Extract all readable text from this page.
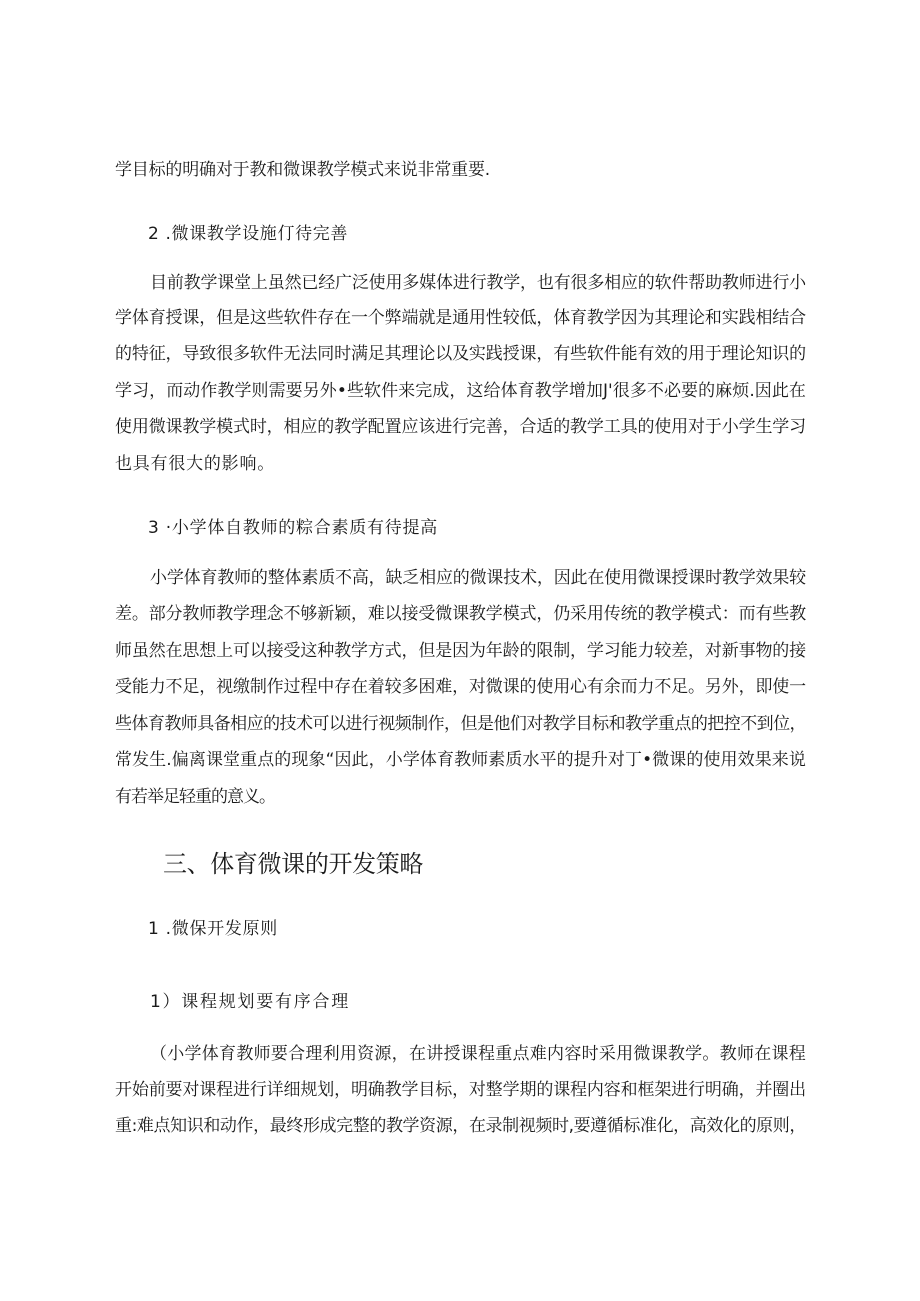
学目标的明确对于教和微课教学模式来说非常重要.
2 .微课教学设施仃待完善
目前教学课堂上虽然已经广泛使用多媒体进行教学，也有很多相应的软件帮助教师进行小
学体育授课，但是这些软件存在一个弊端就是通用性较低，体育教学因为其理论和实践相结合
的特征，导致很多软件无法同时满足其理论以及实践授课，有些软件能有效的用于理论知识的
学习，而动作教学则需要另外•些软件来完成，这给体育教学增加J'很多不必要的麻烦.因此在
使用微课教学模式时，相应的教学配置应该进行完善，合适的教学工具的使用对于小学生学习
也具有很大的影响。
3 ·小学体自教师的粽合素质有待提高
小学体育教师的整体素质不高，缺乏相应的微课技术，因此在使用微课授课时教学效果较
差。部分教师教学理念不够新颖，难以接受微课教学模式，仍采用传统的教学模式：而有些教
师虽然在思想上可以接受这种教学方式，但是因为年龄的限制，学习能力较差，对新事物的接
受能力不足，视缴制作过程中存在着较多困难，对微课的使用心有余而力不足。另外，即使一
些体育教师具备相应的技术可以进行视频制作，但是他们对教学目标和教学重点的把控不到位，
常发生.偏离课堂重点的现象“因此，小学体育教师素质水平的提升对丁•微课的使用效果来说
有若举足轻重的意义。
三、体育微课的开发策略
1 .微保开发原则
1）课程规划要有序合理
（小学体育教师要合理利用资源，在讲授课程重点难内容时采用微课教学。教师在课程
开始前要对课程进行详细规划，明确教学目标，对整学期的课程内容和框架进行明确，并圈出
重:难点知识和动作，最终形成完整的教学资源，在录制视频时,要遵循标准化，高效化的原则，
